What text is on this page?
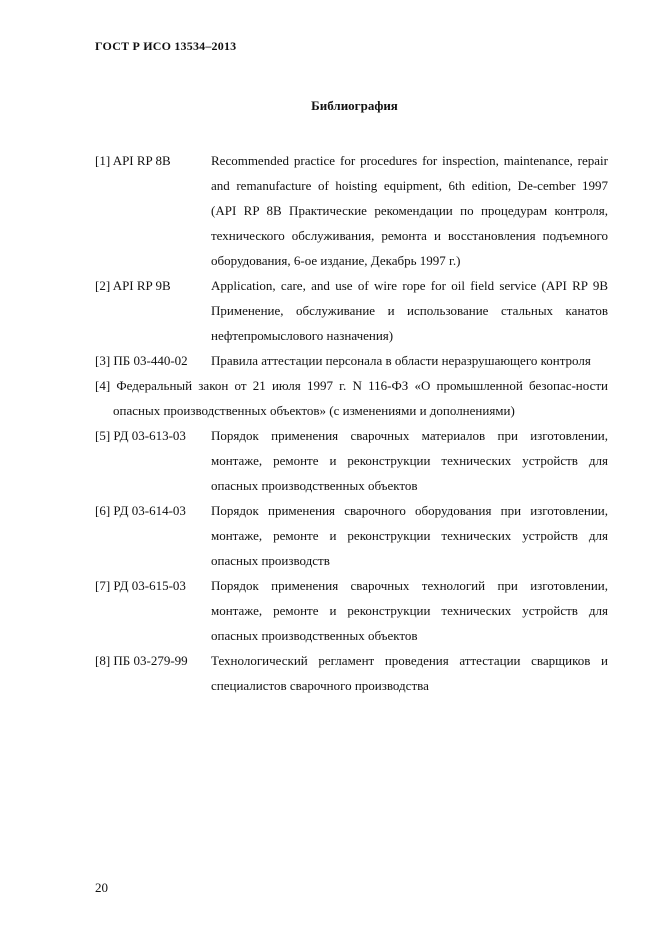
ГОСТ Р ИСО 13534–2013
Библиография
[1] API RP 8B	Recommended practice for procedures for inspection, maintenance, repair and remanufacture of hoisting equipment, 6th edition, De-cember 1997 (API RP 8B Практические рекомендации по процедурам контроля, технического обслуживания, ремонта и восстановления подъемного оборудования, 6-ое издание, Декабрь 1997 г.)
[2] API RP 9B	Application, care, and use of wire rope for oil field service (API RP 9B Применение, обслуживание и использование стальных канатов нефтепромыслового назначения)
[3] ПБ 03-440-02	Правила аттестации персонала в области неразрушающего контроля
[4] Федеральный закон от 21 июля 1997 г. N 116-ФЗ «О промышленной безопас-ности опасных производственных объектов» (с изменениями и дополнениями)
[5] РД 03-613-03	Порядок применения сварочных материалов при изготовлении, монтаже, ремонте и реконструкции технических устройств для опасных производственных объектов
[6] РД 03-614-03	Порядок применения сварочного оборудования при изготовлении, монтаже, ремонте и реконструкции технических устройств для опасных производств
[7] РД 03-615-03	Порядок применения сварочных технологий при изготовлении, монтаже, ремонте и реконструкции технических устройств для опасных производственных объектов
[8] ПБ 03-279-99	Технологический регламент проведения аттестации сварщиков и специалистов сварочного производства
20
